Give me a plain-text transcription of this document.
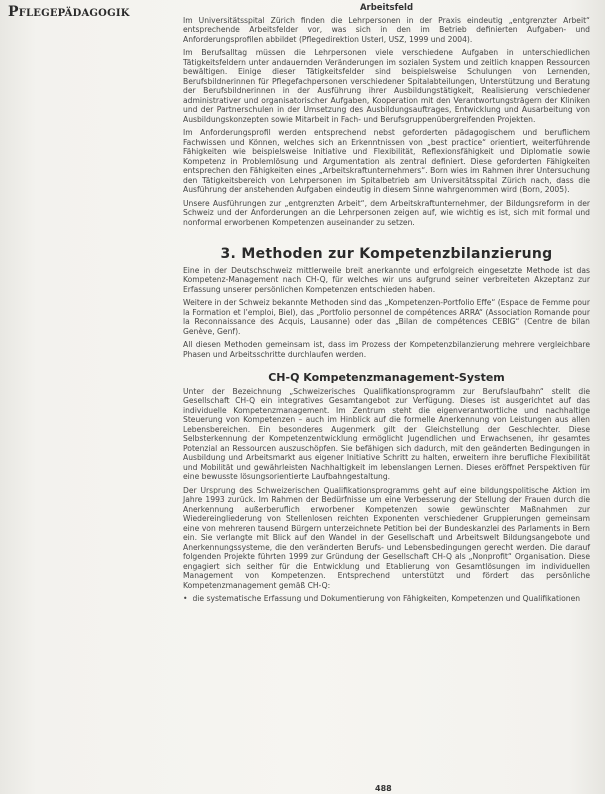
Pflegepädagogik	Arbeitsfeld

Im Universitätsspital Zürich finden die Lehrpersonen in der Praxis eindeutig „entgrenzter Arbeit“ entsprechende Arbeitsfelder vor, was sich in den im Betrieb definierten Aufgaben- und Anforderungsprofilen abbildet (Pflegedirektion Usterl, USZ, 1999 und 2004).

Im Berufsalltag müssen die Lehrpersonen viele verschiedene Aufgaben in unterschiedlichen Tätigkeitsfeldern unter andauernden Veränderungen im sozialen System und zeitlich knappen Ressourcen bewältigen. Einige dieser Tätigkeitsfelder sind beispielsweise Schulungen von Lernenden, Berufsbildnerinnen für Pflegefachpersonen verschiedener Spitalabteilungen, Unterstützung und Beratung der Berufsbildnerinnen in der Ausführung ihrer Ausbildungstätigkeit, Realisierung verschiedener administrativer und organisatorischer Aufgaben, Kooperation mit den Verantwortungsträgern der Kliniken und der Partnerschulen in der Umsetzung des Ausbildungsauftrages, Entwicklung und Ausarbeitung von Ausbildungskonzepten sowie Mitarbeit in Fach- und Berufsgruppenübergreifenden Projekten.

Im Anforderungsprofil werden entsprechend nebst geforderten pädagogischem und beruflichem Fachwissen und Können, welches sich an Erkenntnissen von „best practice“ orientiert, weiterführende Fähigkeiten wie beispielsweise Initiative und Flexibilität, Reflexionsfähigkeit und Diplomatie sowie Kompetenz in Problemlösung und Argumentation als zentral definiert. Diese geforderten Fähigkeiten entsprechen den Fähigkeiten eines „Arbeitskraftunternehmers“. Born wies im Rahmen ihrer Untersuchung den Tätigkeitsbereich von Lehrpersonen im Spitalbetrieb am Universitätsspital Zürich nach, dass die Ausführung der anstehenden Aufgaben eindeutig in diesem Sinne wahrgenommen wird (Born, 2005).

Unsere Ausführungen zur „entgrenzten Arbeit“, dem Arbeitskraftunternehmer, der Bildungsreform in der Schweiz und der Anforderungen an die Lehrpersonen zeigen auf, wie wichtig es ist, sich mit formal und nonformal erworbenen Kompetenzen auseinander zu setzen.

3. Methoden zur Kompetenzbilanzierung

Eine in der Deutschschweiz mittlerweile breit anerkannte und erfolgreich eingesetzte Methode ist das Kompetenz-Management nach CH-Q, für welches wir uns aufgrund seiner verbreiteten Akzeptanz zur Erfassung unserer persönlichen Kompetenzen entschieden haben.

Weitere in der Schweiz bekannte Methoden sind das „Kompetenzen-Portfolio Effe“ (Espace de Femme pour la Formation et l’emploi, Biel), das „Portfolio personnel de compétences ARRA“ (Association Romande pour la Reconnaissance des Acquis, Lausanne) oder das „Bilan de compétences CEBIG“ (Centre de bilan Genève, Genf).

All diesen Methoden gemeinsam ist, dass im Prozess der Kompetenzbilanzierung mehrere vergleichbare Phasen und Arbeitsschritte durchlaufen werden.

CH-Q Kompetenzmanagement-System

Unter der Bezeichnung „Schweizerisches Qualifikationsprogramm zur Berufslaufbahn“ stellt die Gesellschaft CH-Q ein integratives Gesamtangebot zur Verfügung. Dieses ist ausgerichtet auf das individuelle Kompetenzmanagement. Im Zentrum steht die eigenverantwortliche und nachhaltige Steuerung von Kompetenzen – auch im Hinblick auf die formelle Anerkennung von Leistungen aus allen Lebensbereichen. Ein besonderes Augenmerk gilt der Gleichstellung der Geschlechter. Diese Selbsterkennung der Kompetenzentwicklung ermöglicht Jugendlichen und Erwachsenen, ihr gesamtes Potenzial an Ressourcen auszuschöpfen. Sie befähigen sich dadurch, mit den geänderten Bedingungen in Ausbildung und Arbeitsmarkt aus eigener Initiative Schritt zu halten, erweitern ihre berufliche Flexibilität und Mobilität und gewährleisten Nachhaltigkeit im lebenslangen Lernen. Dieses eröffnet Perspektiven für eine bewusste lösungsorientierte Laufbahngestaltung.

Der Ursprung des Schweizerischen Qualifikationsprogramms geht auf eine bildungspolitische Aktion im Jahre 1993 zurück. Im Rahmen der Bedürfnisse um eine Verbesserung der Stellung der Frauen durch die Anerkennung außerberuflich erworbener Kompetenzen sowie gewünschter Maßnahmen zur Wiedereingliederung von Stellenlosen reichten Exponenten verschiedener Gruppierungen gemeinsam eine von mehreren tausend Bürgern unterzeichnete Petition bei der Bundeskanzlei des Parlaments in Bern ein. Sie verlangte mit Blick auf den Wandel in der Gesellschaft und Arbeitswelt Bildungsangebote und Anerkennungssysteme, die den veränderten Berufs- und Lebensbedingungen gerecht werden. Die darauf folgenden Projekte führten 1999 zur Gründung der Gesellschaft CH-Q als „Nonprofit“ Organisation. Diese engagiert sich seither für die Entwicklung und Etablierung von Gesamtlösungen im individuellen Management von Kompetenzen. Entsprechend unterstützt und fördert das persönliche Kompetenzmanagement gemäß CH-Q:

• die systematische Erfassung und Dokumentierung von Fähigkeiten, Kompetenzen und Qualifikationen
488
